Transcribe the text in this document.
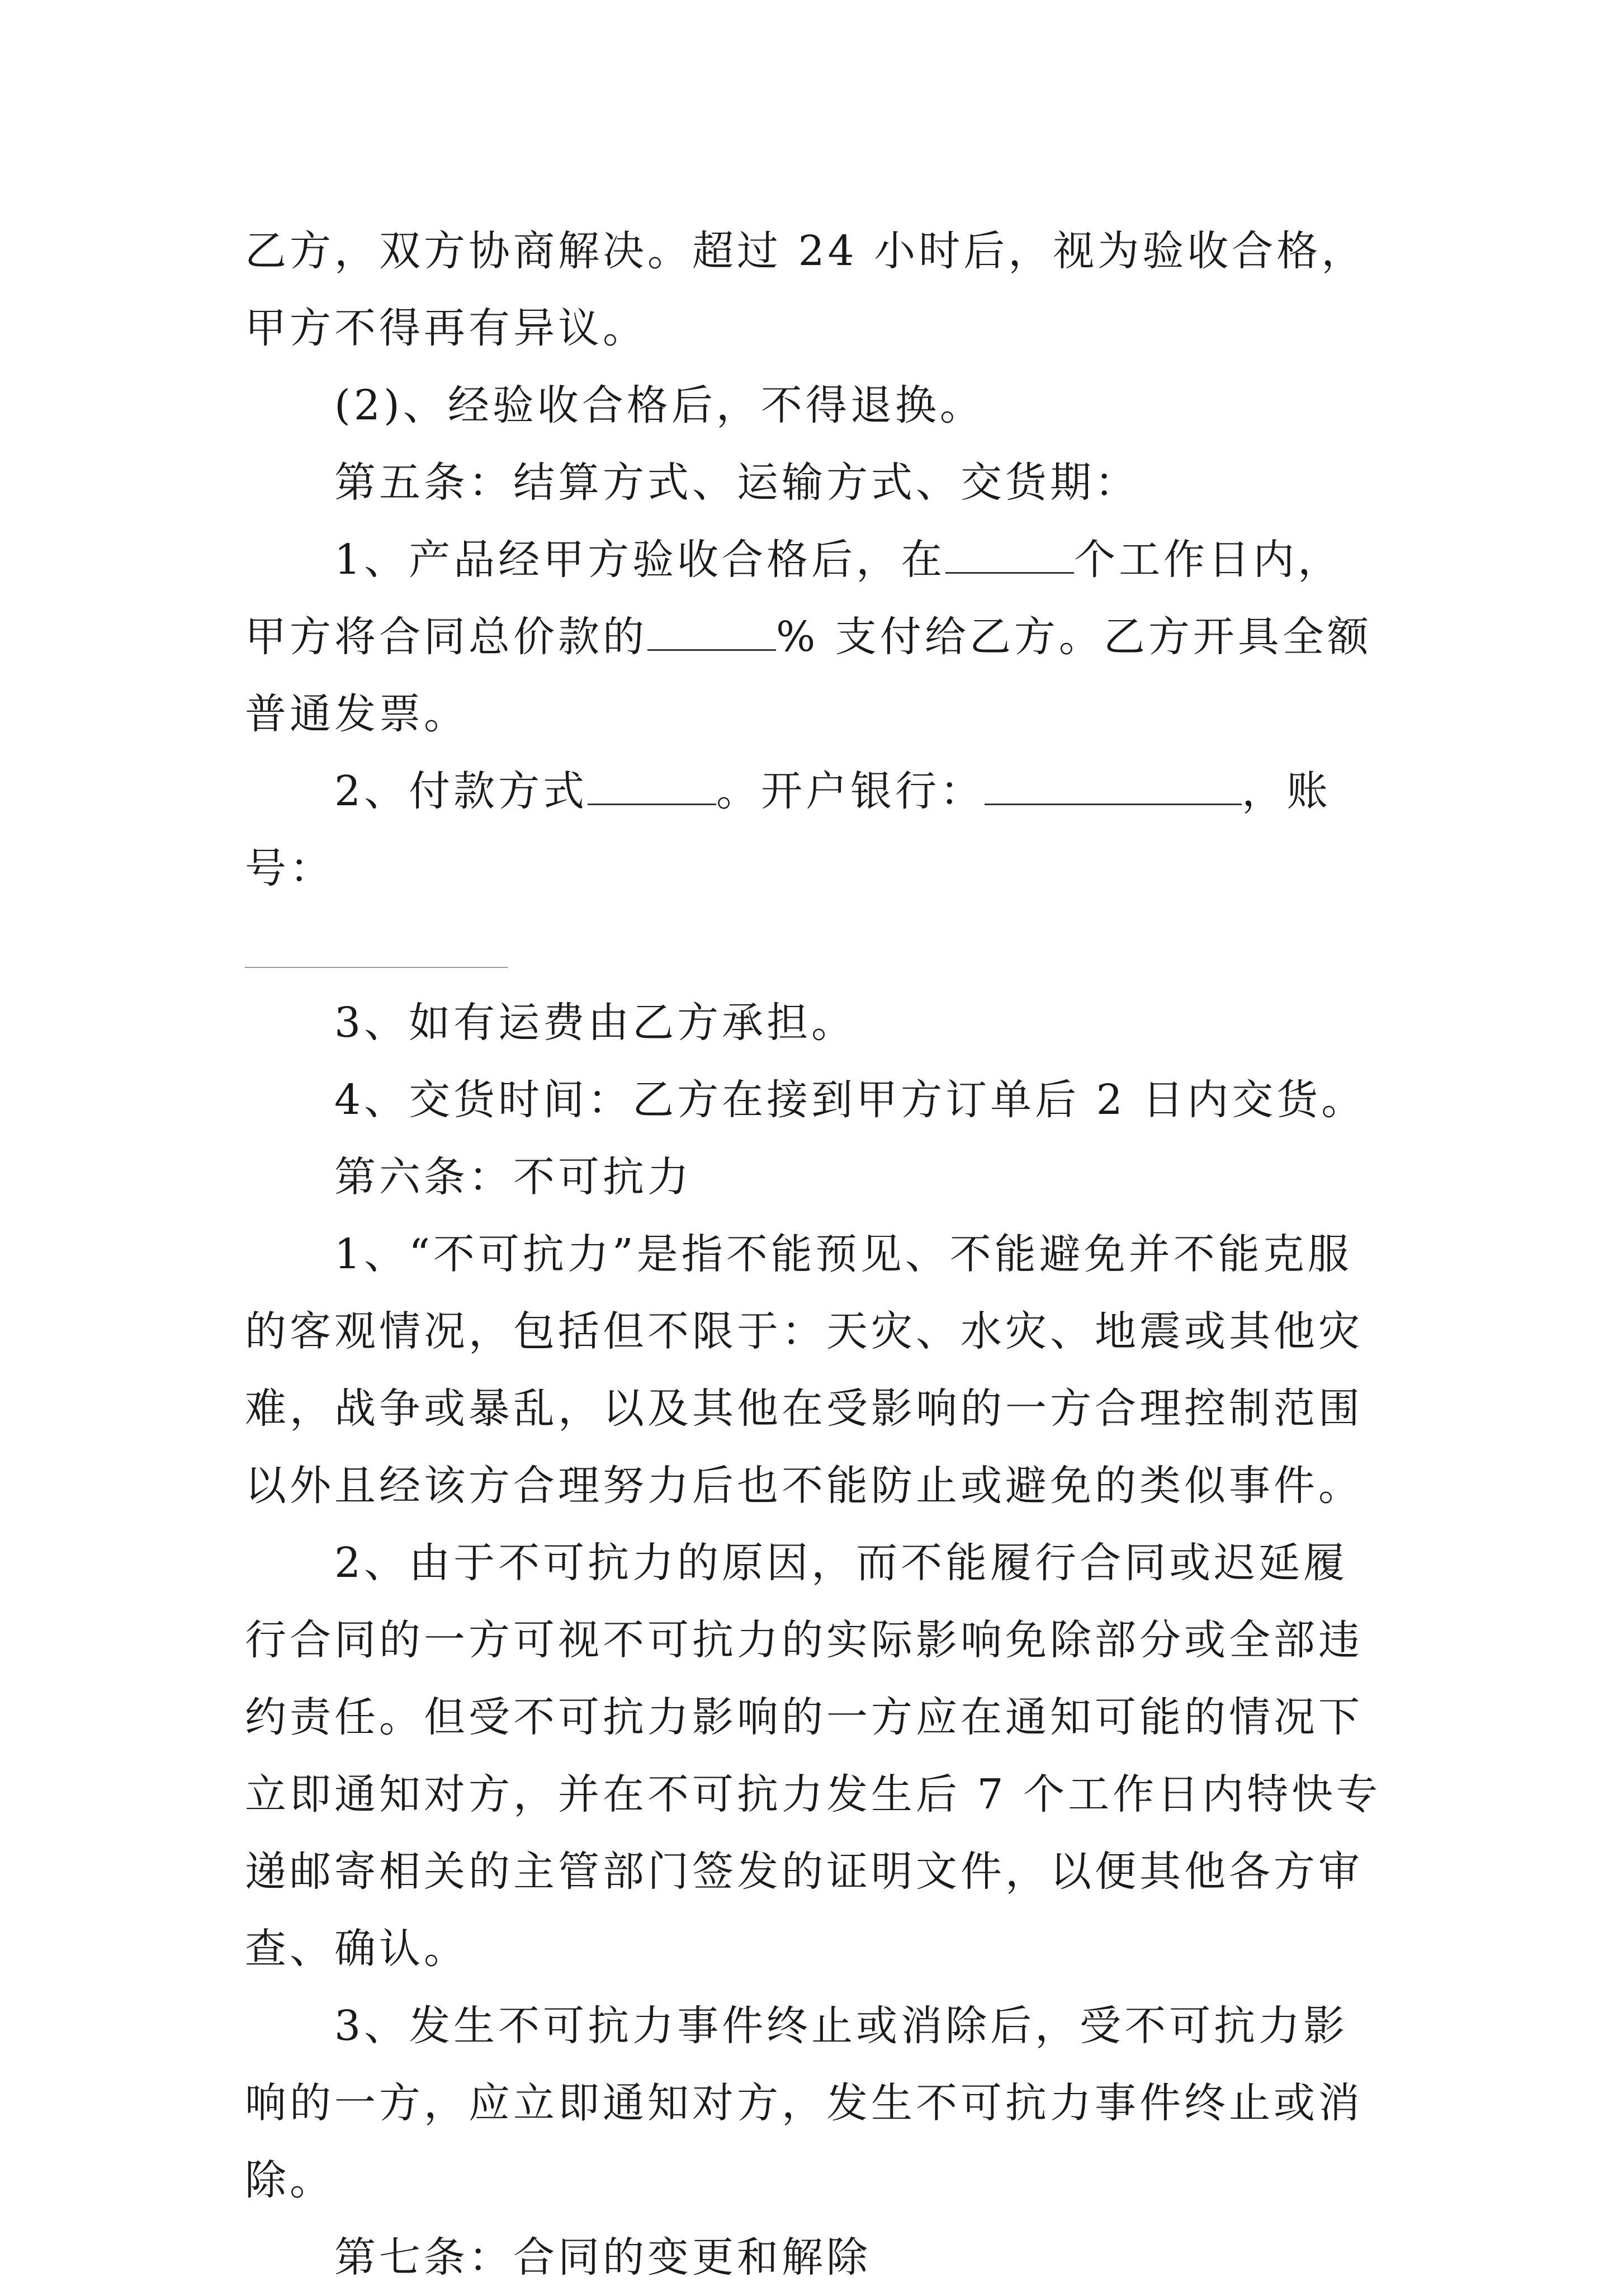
乙方，双方协商解决。超过 24 小时后，视为验收合格，甲方不得再有异议。

(2)、经验收合格后，不得退换。

第五条：结算方式、运输方式、交货期：

1、产品经甲方验收合格后，在	个工作日内，甲方将合同总价款的	% 支付给乙方。乙方开具全额普通发票。

2、付款方式	。开户银行：	，账号：

3、如有运费由乙方承担。

4、交货时间：乙方在接到甲方订单后 2 日内交货。

第六条：不可抗力

1、“不可抗力”是指不能预见、不能避免并不能克服的客观情况，包括但不限于：天灾、水灾、地震或其他灾难，战争或暴乱，以及其他在受影响的一方合理控制范围以外且经该方合理努力后也不能防止或避免的类似事件。

2、由于不可抗力的原因，而不能履行合同或迟延履行合同的一方可视不可抗力的实际影响免除部分或全部违约责任。但受不可抗力影响的一方应在通知可能的情况下立即通知对方，并在不可抗力发生后 7 个工作日内特快专递邮寄相关的主管部门签发的证明文件，以便其他各方审查、确认。

3、发生不可抗力事件终止或消除后，受不可抗力影响的一方，应立即通知对方，发生不可抗力事件终止或消除。

第七条：合同的变更和解除
